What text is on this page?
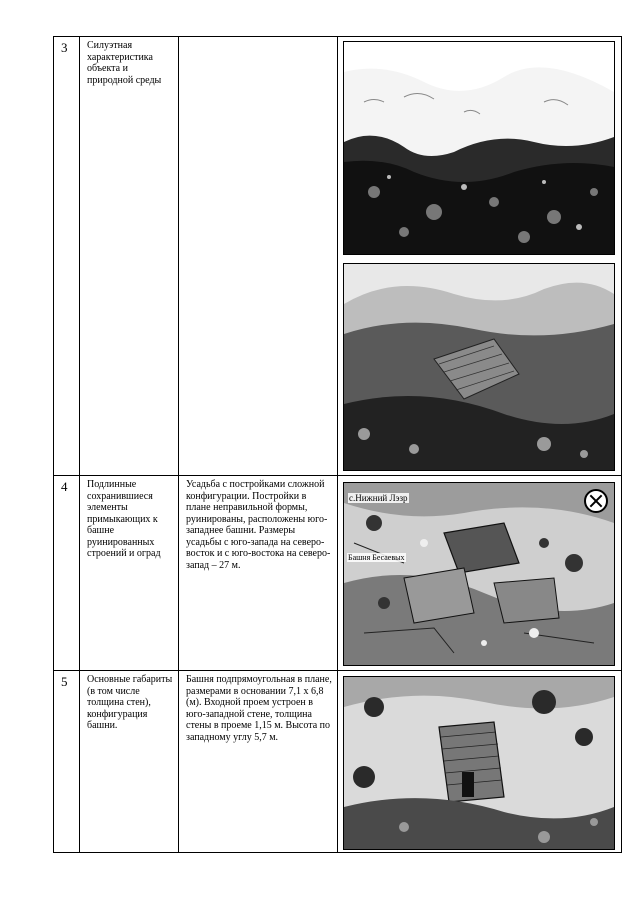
3	Силуэтная характеристика объекта и природной среды

4	Подлинные сохранившиеся элементы примыкающих к башне руинированных строений и оград	Усадьба с постройками сложной конфигурации. Постройки в плане неправильной формы, руинированы, расположены юго-западнее башни. Размеры усадьбы с юго-запада на северо-восток и с юго-востока на северо-запад – 27 м.	с.Нижний Лэзр
Башня Бесаевых

5	Основные габариты (в том числе толщина стен), конфигурация башни.	Башня подпрямоугольная в плане, размерами в основании 7,1 х 6,8 (м). Входной проем устроен в юго-западной стене, толщина стены в проеме 1,15 м. Высота по западному углу 5,7 м.
